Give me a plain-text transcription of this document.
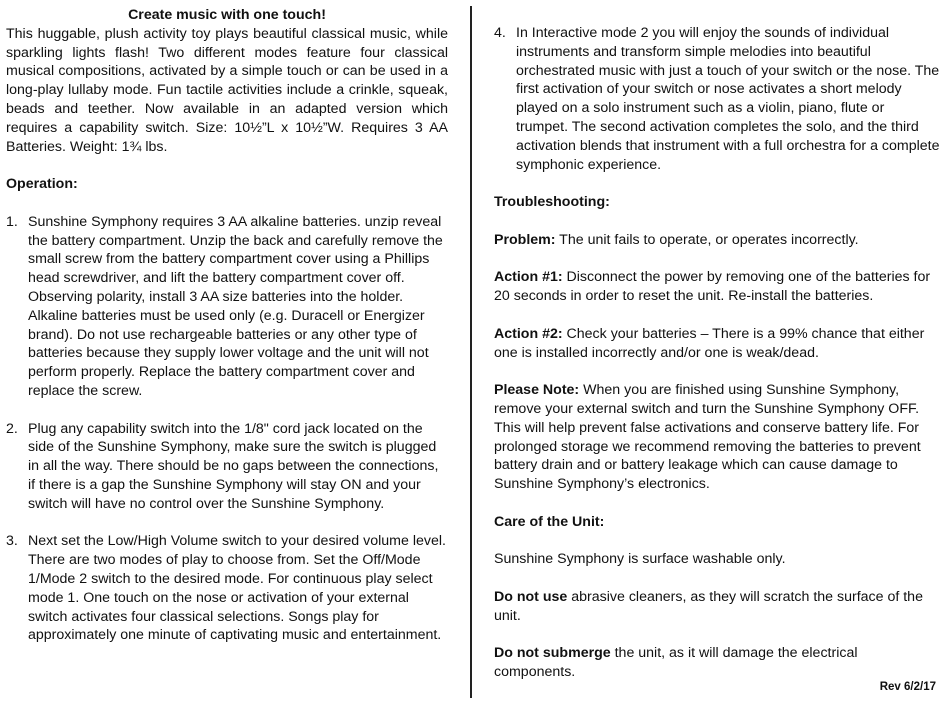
Create music with one touch!

This huggable, plush activity toy plays beautiful classical music, while sparkling lights flash! Two different modes feature four classical musical compositions, activated by a simple touch or can be used in a long-play lullaby mode. Fun tactile activities include a crinkle, squeak, beads and teether. Now available in an adapted version which requires a capability switch. Size: 10½”L x 10½”W. Requires 3 AA Batteries. Weight: 1¾ lbs.

Operation:
1. Sunshine Symphony requires 3 AA alkaline batteries. unzip reveal the battery compartment. Unzip the back and carefully remove the small screw from the battery compartment cover using a Phillips head screwdriver, and lift the battery compartment cover off. Observing polarity, install 3 AA size batteries into the holder. Alkaline batteries must be used only (e.g. Duracell or Energizer brand). Do not use rechargeable batteries or any other type of batteries because they supply lower voltage and the unit will not perform properly. Replace the battery compartment cover and replace the screw.
2. Plug any capability switch into the 1/8" cord jack located on the side of the Sunshine Symphony, make sure the switch is plugged in all the way. There should be no gaps between the connections, if there is a gap the Sunshine Symphony will stay ON and your switch will have no control over the Sunshine Symphony.
3. Next set the Low/High Volume switch to your desired volume level. There are two modes of play to choose from. Set the Off/Mode 1/Mode 2 switch to the desired mode. For continuous play select mode 1. One touch on the nose or activation of your external switch activates four classical selections. Songs play for approximately one minute of captivating music and entertainment.
4. In Interactive mode 2 you will enjoy the sounds of individual instruments and transform simple melodies into beautiful orchestrated music with just a touch of your switch or the nose. The first activation of your switch or nose activates a short melody played on a solo instrument such as a violin, piano, flute or trumpet. The second activation completes the solo, and the third activation blends that instrument with a full orchestra for a complete symphonic experience.
Troubleshooting:

Problem: The unit fails to operate, or operates incorrectly.

Action #1: Disconnect the power by removing one of the batteries for 20 seconds in order to reset the unit. Re-install the batteries.

Action #2: Check your batteries – There is a 99% chance that either one is installed incorrectly and/or one is weak/dead.

Please Note: When you are finished using Sunshine Symphony, remove your external switch and turn the Sunshine Symphony OFF. This will help prevent false activations and conserve battery life. For prolonged storage we recommend removing the batteries to prevent battery drain and or battery leakage which can cause damage to Sunshine Symphony’s electronics.

Care of the Unit:

Sunshine Symphony is surface washable only.

Do not use abrasive cleaners, as they will scratch the surface of the unit.

Do not submerge the unit, as it will damage the electrical components.

Rev 6/2/17
